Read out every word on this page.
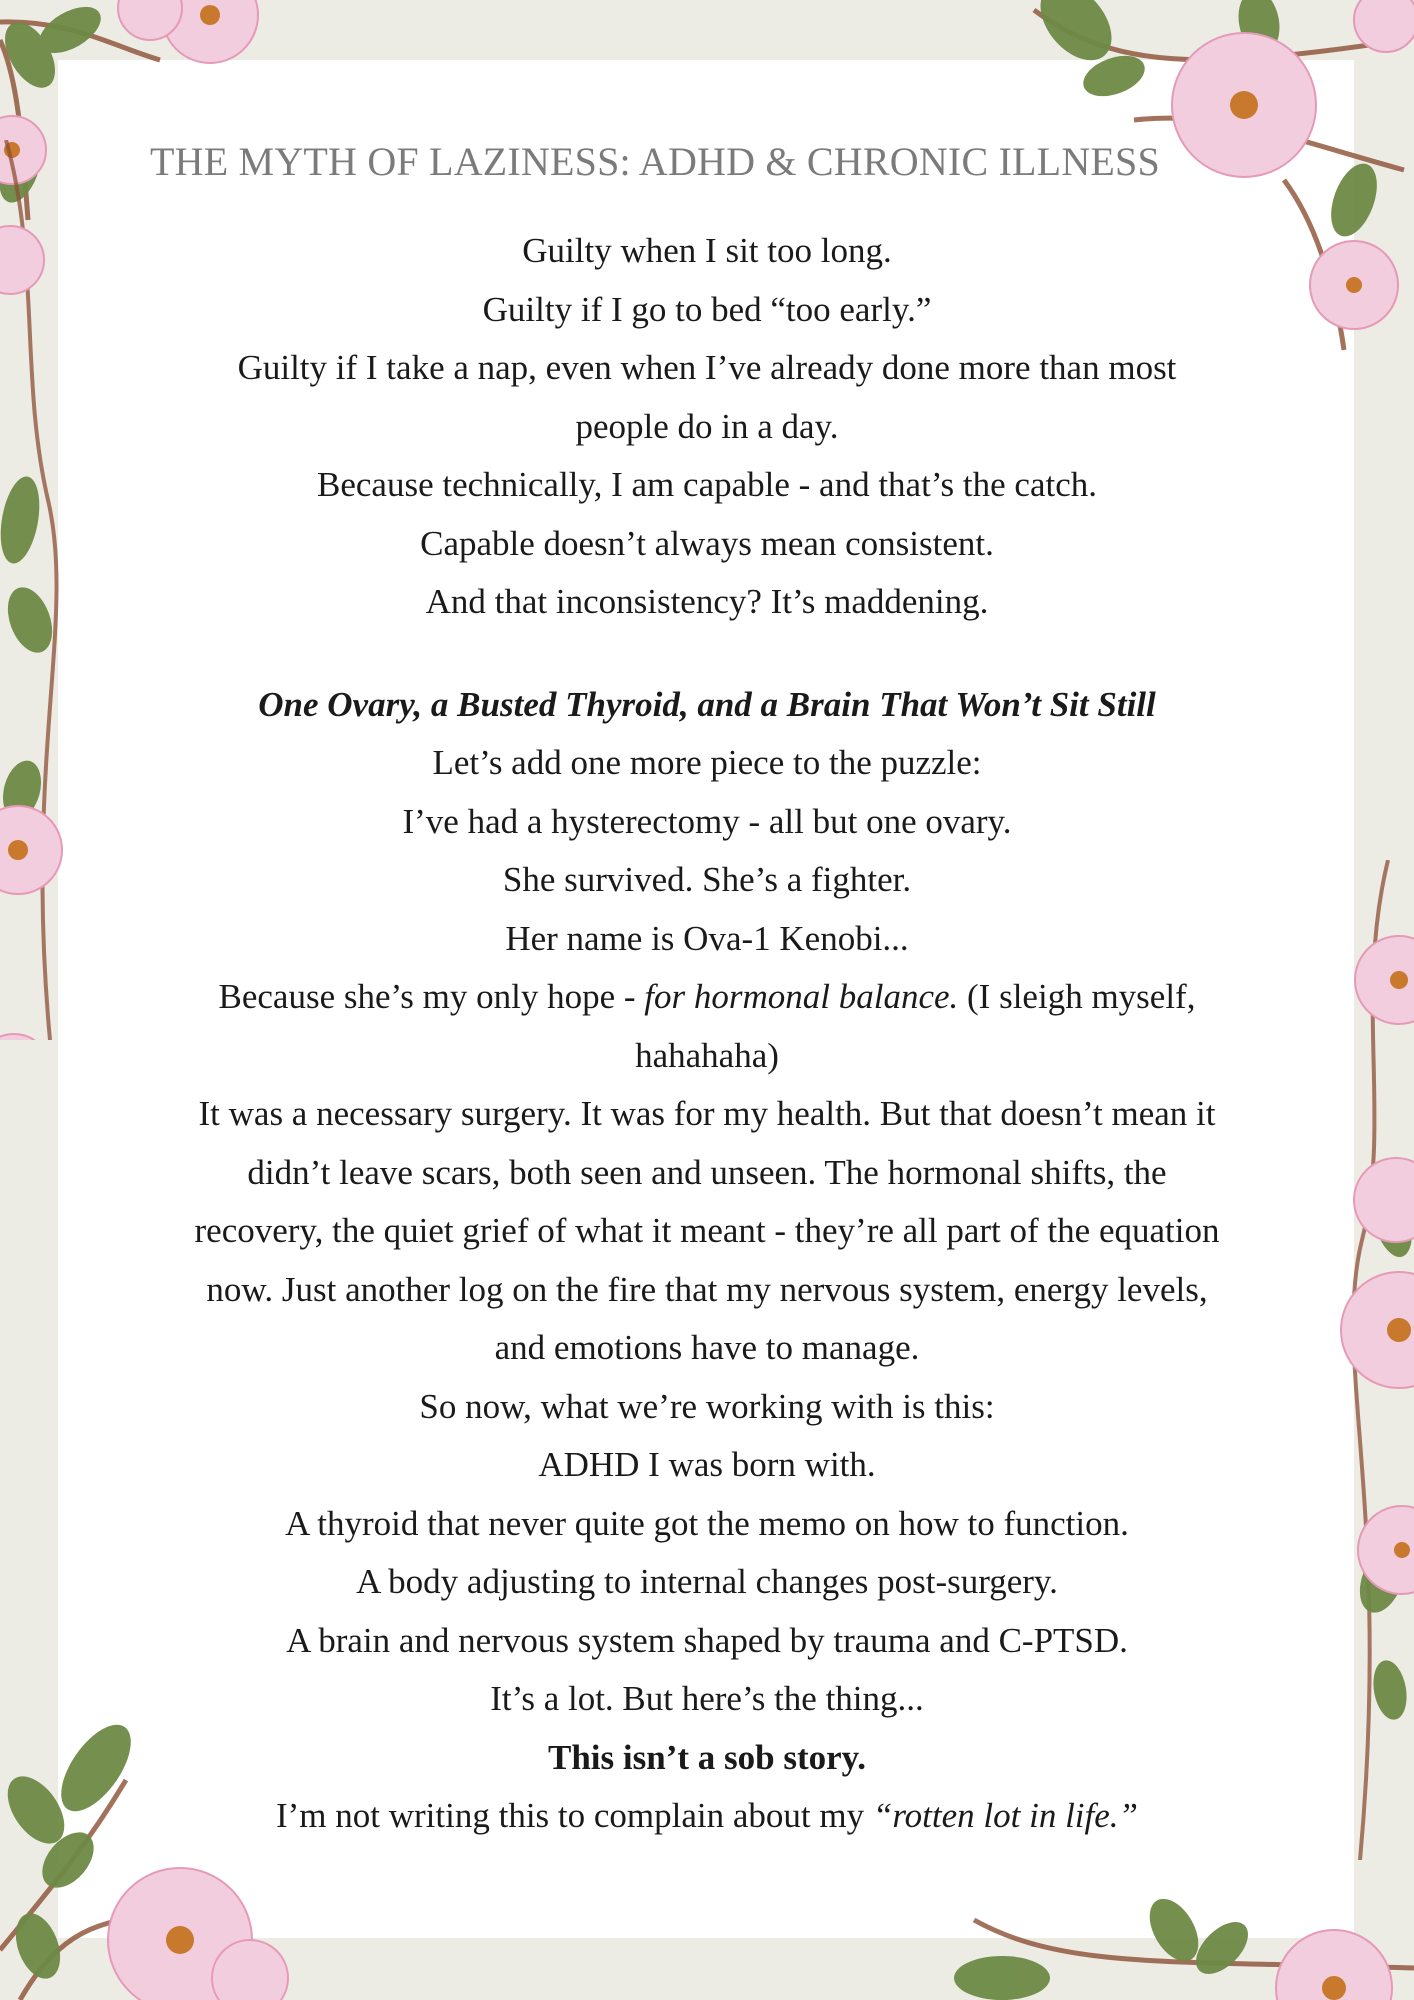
THE MYTH OF LAZINESS: ADHD & CHRONIC ILLNESS
Guilty when I sit too long.
Guilty if I go to bed “too early.”
Guilty if I take a nap, even when I’ve already done more than most
people do in a day.
Because technically, I am capable - and that’s the catch.
Capable doesn’t always mean consistent.
And that inconsistency? It’s maddening.
One Ovary, a Busted Thyroid, and a Brain That Won’t Sit Still
Let’s add one more piece to the puzzle:
I’ve had a hysterectomy - all but one ovary.
She survived. She’s a fighter.
Her name is Ova-1 Kenobi...
Because she’s my only hope - for hormonal balance. (I sleigh myself,
hahahaha)
It was a necessary surgery. It was for my health. But that doesn’t mean it
didn’t leave scars, both seen and unseen. The hormonal shifts, the
recovery, the quiet grief of what it meant - they’re all part of the equation
now. Just another log on the fire that my nervous system, energy levels,
and emotions have to manage.
So now, what we’re working with is this:
ADHD I was born with.
A thyroid that never quite got the memo on how to function.
A body adjusting to internal changes post-surgery.
A brain and nervous system shaped by trauma and C-PTSD.
It’s a lot. But here’s the thing...
This isn’t a sob story.
I’m not writing this to complain about my “rotten lot in life.”
